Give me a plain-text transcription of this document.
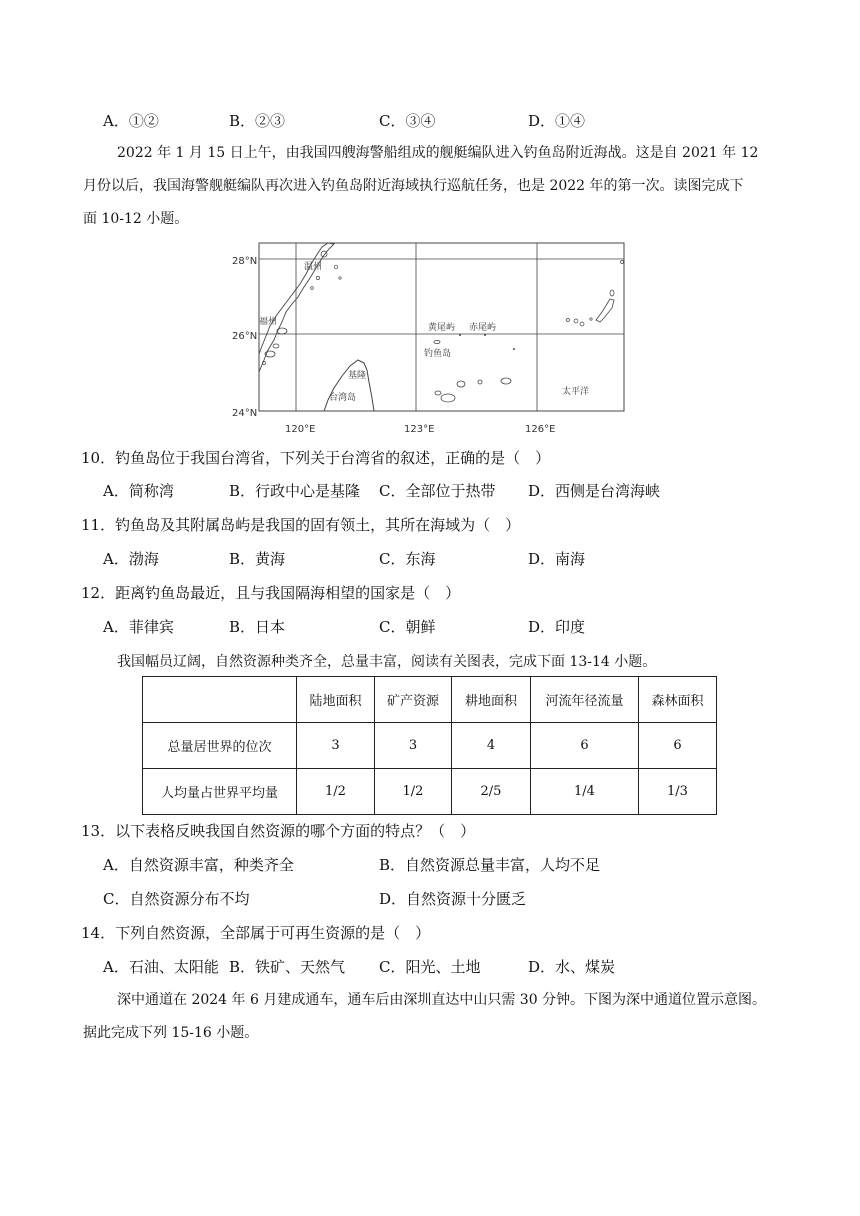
A．①②	B．②③	C．③④	D．①④
2022 年 1 月 15 日上午，由我国四艘海警船组成的舰艇编队进入钓鱼岛附近海战。这是自 2021 年 12
月份以后，我国海警舰艇编队再次进入钓鱼岛附近海域执行巡航任务，也是 2022 年的第一次。读图完成下
面 10-12 小题。
温州
福州
基隆
台湾岛
黄尾屿 赤尾屿
钓鱼岛
太平洋
28°N
26°N
24°N
120°E	123°E	126°E
10．钓鱼岛位于我国台湾省，下列关于台湾省的叙述，正确的是（　）
A．简称湾	B．行政中心是基隆 C．全部位于热带 D．西侧是台湾海峡
11．钓鱼岛及其附属岛屿是我国的固有领土，其所在海域为（　）
A．渤海	B．黄海	C．东海	D．南海
12．距离钓鱼岛最近，且与我国隔海相望的国家是（　）
A．菲律宾	B．日本	C．朝鲜	D．印度
我国幅员辽阔，自然资源种类齐全，总量丰富，阅读有关图表，完成下面 13-14 小题。
	陆地面积	矿产资源	耕地面积	河流年径流量	森林面积
总量居世界的位次	3	3	4	6	6
人均量占世界平均量	1/2	1/2	2/5	1/4	1/3
13．以下表格反映我国自然资源的哪个方面的特点？（　）
A．自然资源丰富，种类齐全	B．自然资源总量丰富，人均不足
C．自然资源分布不均	D．自然资源十分匮乏
14．下列自然资源，全部属于可再生资源的是（　）
A．石油、太阳能 B．铁矿、天然气 C．阳光、土地	D．水、煤炭
深中通道在 2024 年 6 月建成通车，通车后由深圳直达中山只需 30 分钟。下图为深中通道位置示意图。
据此完成下列 15-16 小题。
